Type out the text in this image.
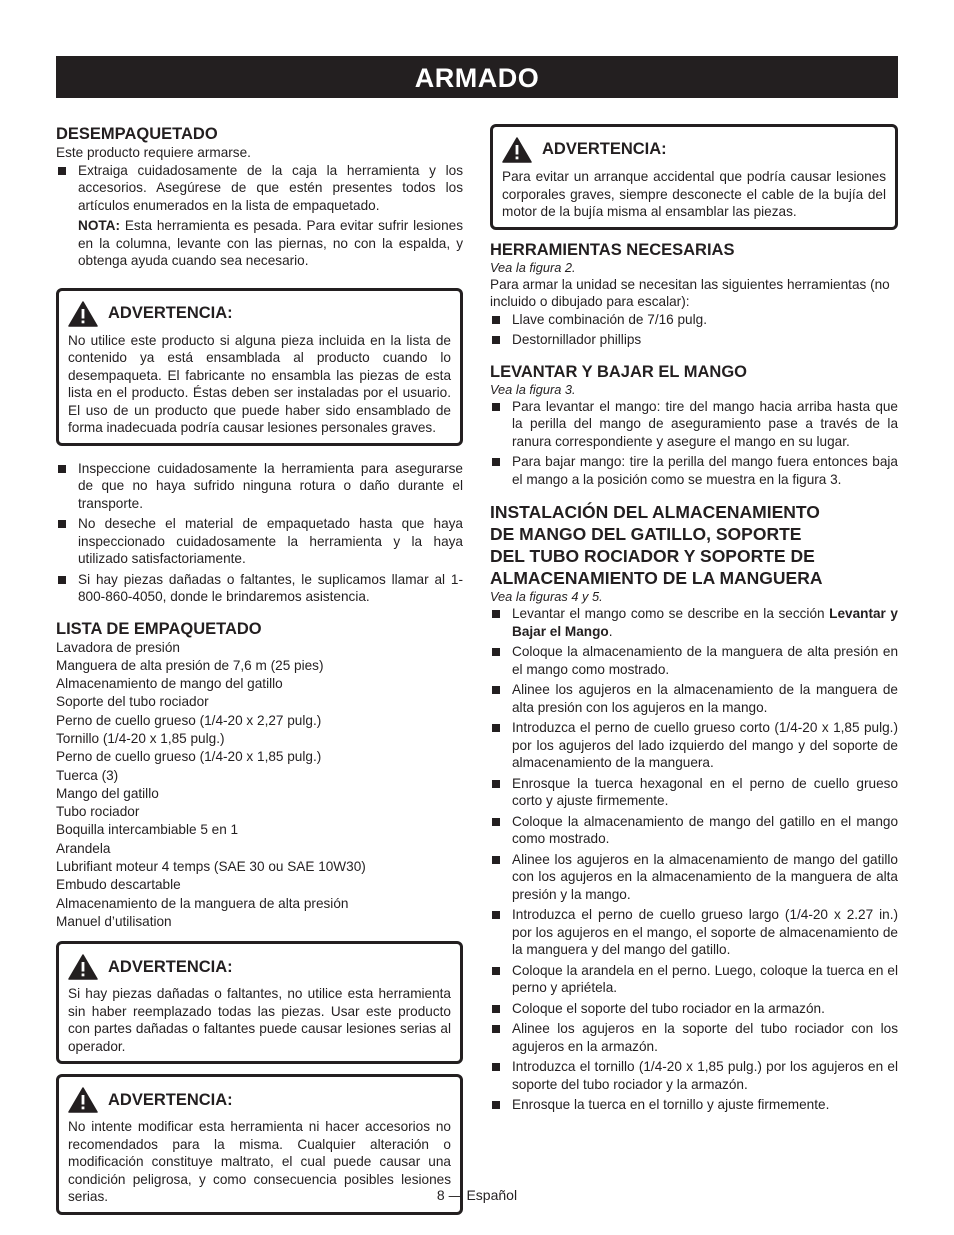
ARMADO
DESEMPAQUETADO

Este producto requiere armarse.

Extraiga cuidadosamente de la caja la herramienta y los accesorios. Asegúrese de que estén presentes todos los artículos enumerados en la lista de empaquetado.

NOTA: Esta herramienta es pesada. Para evitar sufrir lesiones en la columna, levante con las piernas, no con la espalda, y obtenga ayuda cuando sea necesario.

ADVERTENCIA:
No utilice este producto si alguna pieza incluida en la lista de contenido ya está ensamblada al producto cuando lo desempaqueta. El fabricante no ensambla las piezas de esta lista en el producto. Éstas deben ser instaladas por el usuario. El uso de un producto que puede haber sido ensamblado de forma inadecuada podría causar lesiones personales graves.
Inspeccione cuidadosamente la herramienta para asegurarse de que no haya sufrido ninguna rotura o daño durante el transporte.
No deseche el material de empaquetado hasta que haya inspeccionado cuidadosamente la herramienta y la haya utilizado satisfactoriamente.
Si hay piezas dañadas o faltantes, le suplicamos llamar al 1-800-860-4050, donde le brindaremos asistencia.
LISTA DE EMPAQUETADO
Lavadora de presión
Manguera de alta presión de 7,6 m (25 pies)
Almacenamiento de mango del gatillo
Soporte del tubo rociador
Perno de cuello grueso (1/4-20 x 2,27 pulg.)
Tornillo (1/4-20 x 1,85 pulg.)
Perno de cuello grueso (1/4-20 x 1,85 pulg.)
Tuerca (3)
Mango del gatillo
Tubo rociador
Boquilla intercambiable 5 en 1
Arandela
Lubrifiant moteur 4 temps (SAE 30 ou SAE 10W30)
Embudo descartable
Almacenamiento de la manguera de alta presión
Manuel d’utilisation
ADVERTENCIA:
Si hay piezas dañadas o faltantes, no utilice esta herramienta sin haber reemplazado todas las piezas. Usar este producto con partes dañadas o faltantes puede causar lesiones serias al operador.
ADVERTENCIA:
No intente modificar esta herramienta ni hacer accesorios no recomendados para la misma. Cualquier alteración o modificación constituye maltrato, el cual puede causar una condición peligrosa, y como consecuencia posibles lesiones serias.
ADVERTENCIA:
Para evitar un arranque accidental que podría causar lesiones corporales graves, siempre desconecte el cable de la bujía del motor de la bujía misma al ensamblar las piezas.
HERRAMIENTAS NECESARIAS
Vea la figura 2.

Para armar la unidad se necesitan las siguientes herramientas (no incluido o dibujado para escalar):

Llave combinación de 7/16 pulg.
Destornillador phillips
LEVANTAR Y BAJAR EL MANGO
Vea la figura 3.
Para levantar el mango: tire del mango hacia arriba hasta que la perilla del mango de aseguramiento pase a través de la ranura correspondiente y asegure el mango en su lugar.
Para bajar mango: tire la perilla del mango fuera entonces baja el mango a la posición como se muestra en la figura 3.
INSTALACIÓN DEL ALMACENAMIENTO
DE MANGO DEL GATILLO, SOPORTE
DEL TUBO ROCIADOR Y SOPORTE DE
ALMACENAMIENTO DE LA MANGUERA
Vea la figuras 4 y 5.
Levantar el mango como se describe en la sección Levantar y Bajar el Mango.
Coloque la almacenamiento de la manguera de alta presión en el mango como mostrado.
Alinee los agujeros en la almacenamiento de la manguera de alta presión con los agujeros en la mango.
Introduzca el perno de cuello grueso corto (1/4-20 x 1,85 pulg.) por los agujeros del lado izquierdo del mango y del soporte de almacenamiento de la manguera.
Enrosque la tuerca hexagonal en el perno de cuello grueso corto y ajuste firmemente.
Coloque la almacenamiento de mango del gatillo en el mango como mostrado.
Alinee los agujeros en la almacenamiento de mango del gatillo con los agujeros en la almacenamiento de la manguera de alta presión y la mango.
Introduzca el perno de cuello grueso largo (1/4-20 x 2.27 in.) por los agujeros en el mango, el soporte de almacenamiento de la manguera y del mango del gatillo.
Coloque la arandela en el perno. Luego, coloque la tuerca en el perno y apriétela.
Coloque el soporte del tubo rociador en la armazón.
Alinee los agujeros en la soporte del tubo rociador con los agujeros en la armazón.
Introduzca el tornillo (1/4-20 x 1,85 pulg.) por los agujeros en el soporte del tubo rociador y la armazón.
Enrosque la tuerca en el tornillo y ajuste firmemente.
8 — Español
